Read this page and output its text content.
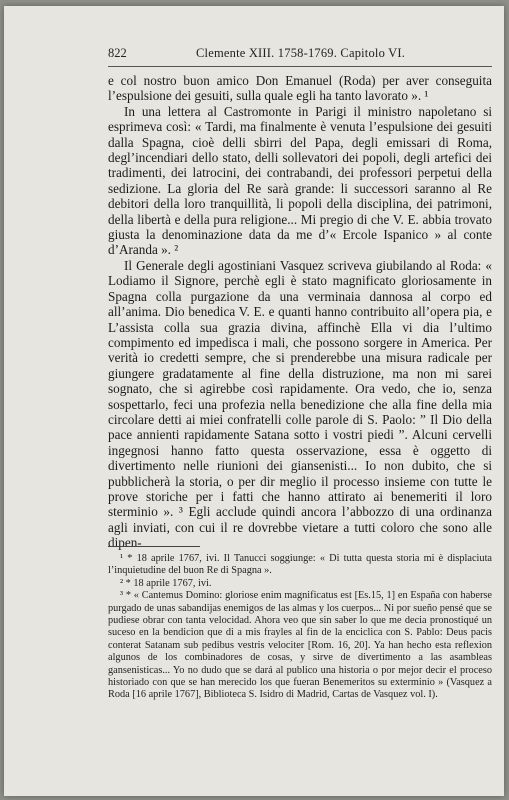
822	Clemente XIII. 1758-1769. Capitolo VI.

e col nostro buon amico Don Emanuel (Roda) per aver conseguita l’espulsione dei gesuiti, sulla quale egli ha tanto lavorato ». ¹

In una lettera al Castromonte in Parigi il ministro napoletano si esprimeva così: « Tardi, ma finalmente è venuta l’espulsione dei gesuiti dalla Spagna, cioè delli sbirri del Papa, degli emissari di Roma, degl’incendiari dello stato, delli sollevatori dei popoli, degli artefici dei tradimenti, dei latrocini, dei contrabandi, dei professori perpetui della sedizione. La gloria del Re sarà grande: li successori saranno al Re debitori della loro tranquillità, li popoli della disciplina, dei patrimoni, della libertà e della pura religione... Mi pregio di che V. E. abbia trovato giusta la denominazione data da me d’« Ercole Ispanico » al conte d’Aranda ». ²

Il Generale degli agostiniani Vasquez scriveva giubilando al Roda: « Lodiamo il Signore, perchè egli è stato magnificato gloriosamente in Spagna colla purgazione da una verminaia dannosa al corpo ed all’anima. Dio benedica V. E. e quanti hanno contribuito all’opera pia, e L’assista colla sua grazia divina, affinchè Ella vi dia l’ultimo compimento ed impedisca i mali, che possono sorgere in America. Per verità io credetti sempre, che si prenderebbe una misura radicale per giungere gradatamente al fine della distruzione, ma non mi sarei sognato, che si agirebbe così rapidamente. Ora vedo, che io, senza sospettarlo, feci una profezia nella benedizione che alla fine della mia circolare detti ai miei confratelli colle parole di S. Paolo: ” Il Dio della pace annienti rapidamente Satana sotto i vostri piedi ”. Alcuni cervelli ingegnosi hanno fatto questa osservazione, essa è oggetto di divertimento nelle riunioni dei giansenisti... Io non dubito, che si pubblicherà la storia, o per dir meglio il processo insieme con tutte le prove storiche per i fatti che hanno attirato ai benemeriti il loro sterminio ». ³ Egli acclude quindi ancora l’abbozzo di una ordinanza agli inviati, con cui il re dovrebbe vietare a tutti coloro che sono alle dipen-

¹ * 18 aprile 1767, ivi. Il Tanucci soggiunge: « Di tutta questa storia mi è displaciuta l’inquietudine del buon Re di Spagna ».

² * 18 aprile 1767, ivi.

³ * « Cantemus Domino: gloriose enim magnificatus est [Es.15, 1] en España con haberse purgado de unas sabandijas enemigos de las almas y los cuerpos... Ni por sueño pensé que se pudiese obrar con tanta velocidad. Ahora veo que sin saber lo que me decia pronostiqué un suceso en la bendicion que di a mis frayles al fin de la enciclica con S. Pablo: Deus pacis conterat Satanam sub pedibus vestris velociter [Rom. 16, 20]. Ya han hecho esta reflexion algunos de los combinadores de cosas, y sirve de divertimento a las asambleas gansenisticas... Yo no dudo que se dará al publico una historia o por mejor decir el proceso historiado con que se han merecido los que fueran Benemeritos su exterminio » (Vasquez a Roda [16 aprile 1767], Biblioteca S. Isidro di Madrid, Cartas de Vasquez vol. I).
